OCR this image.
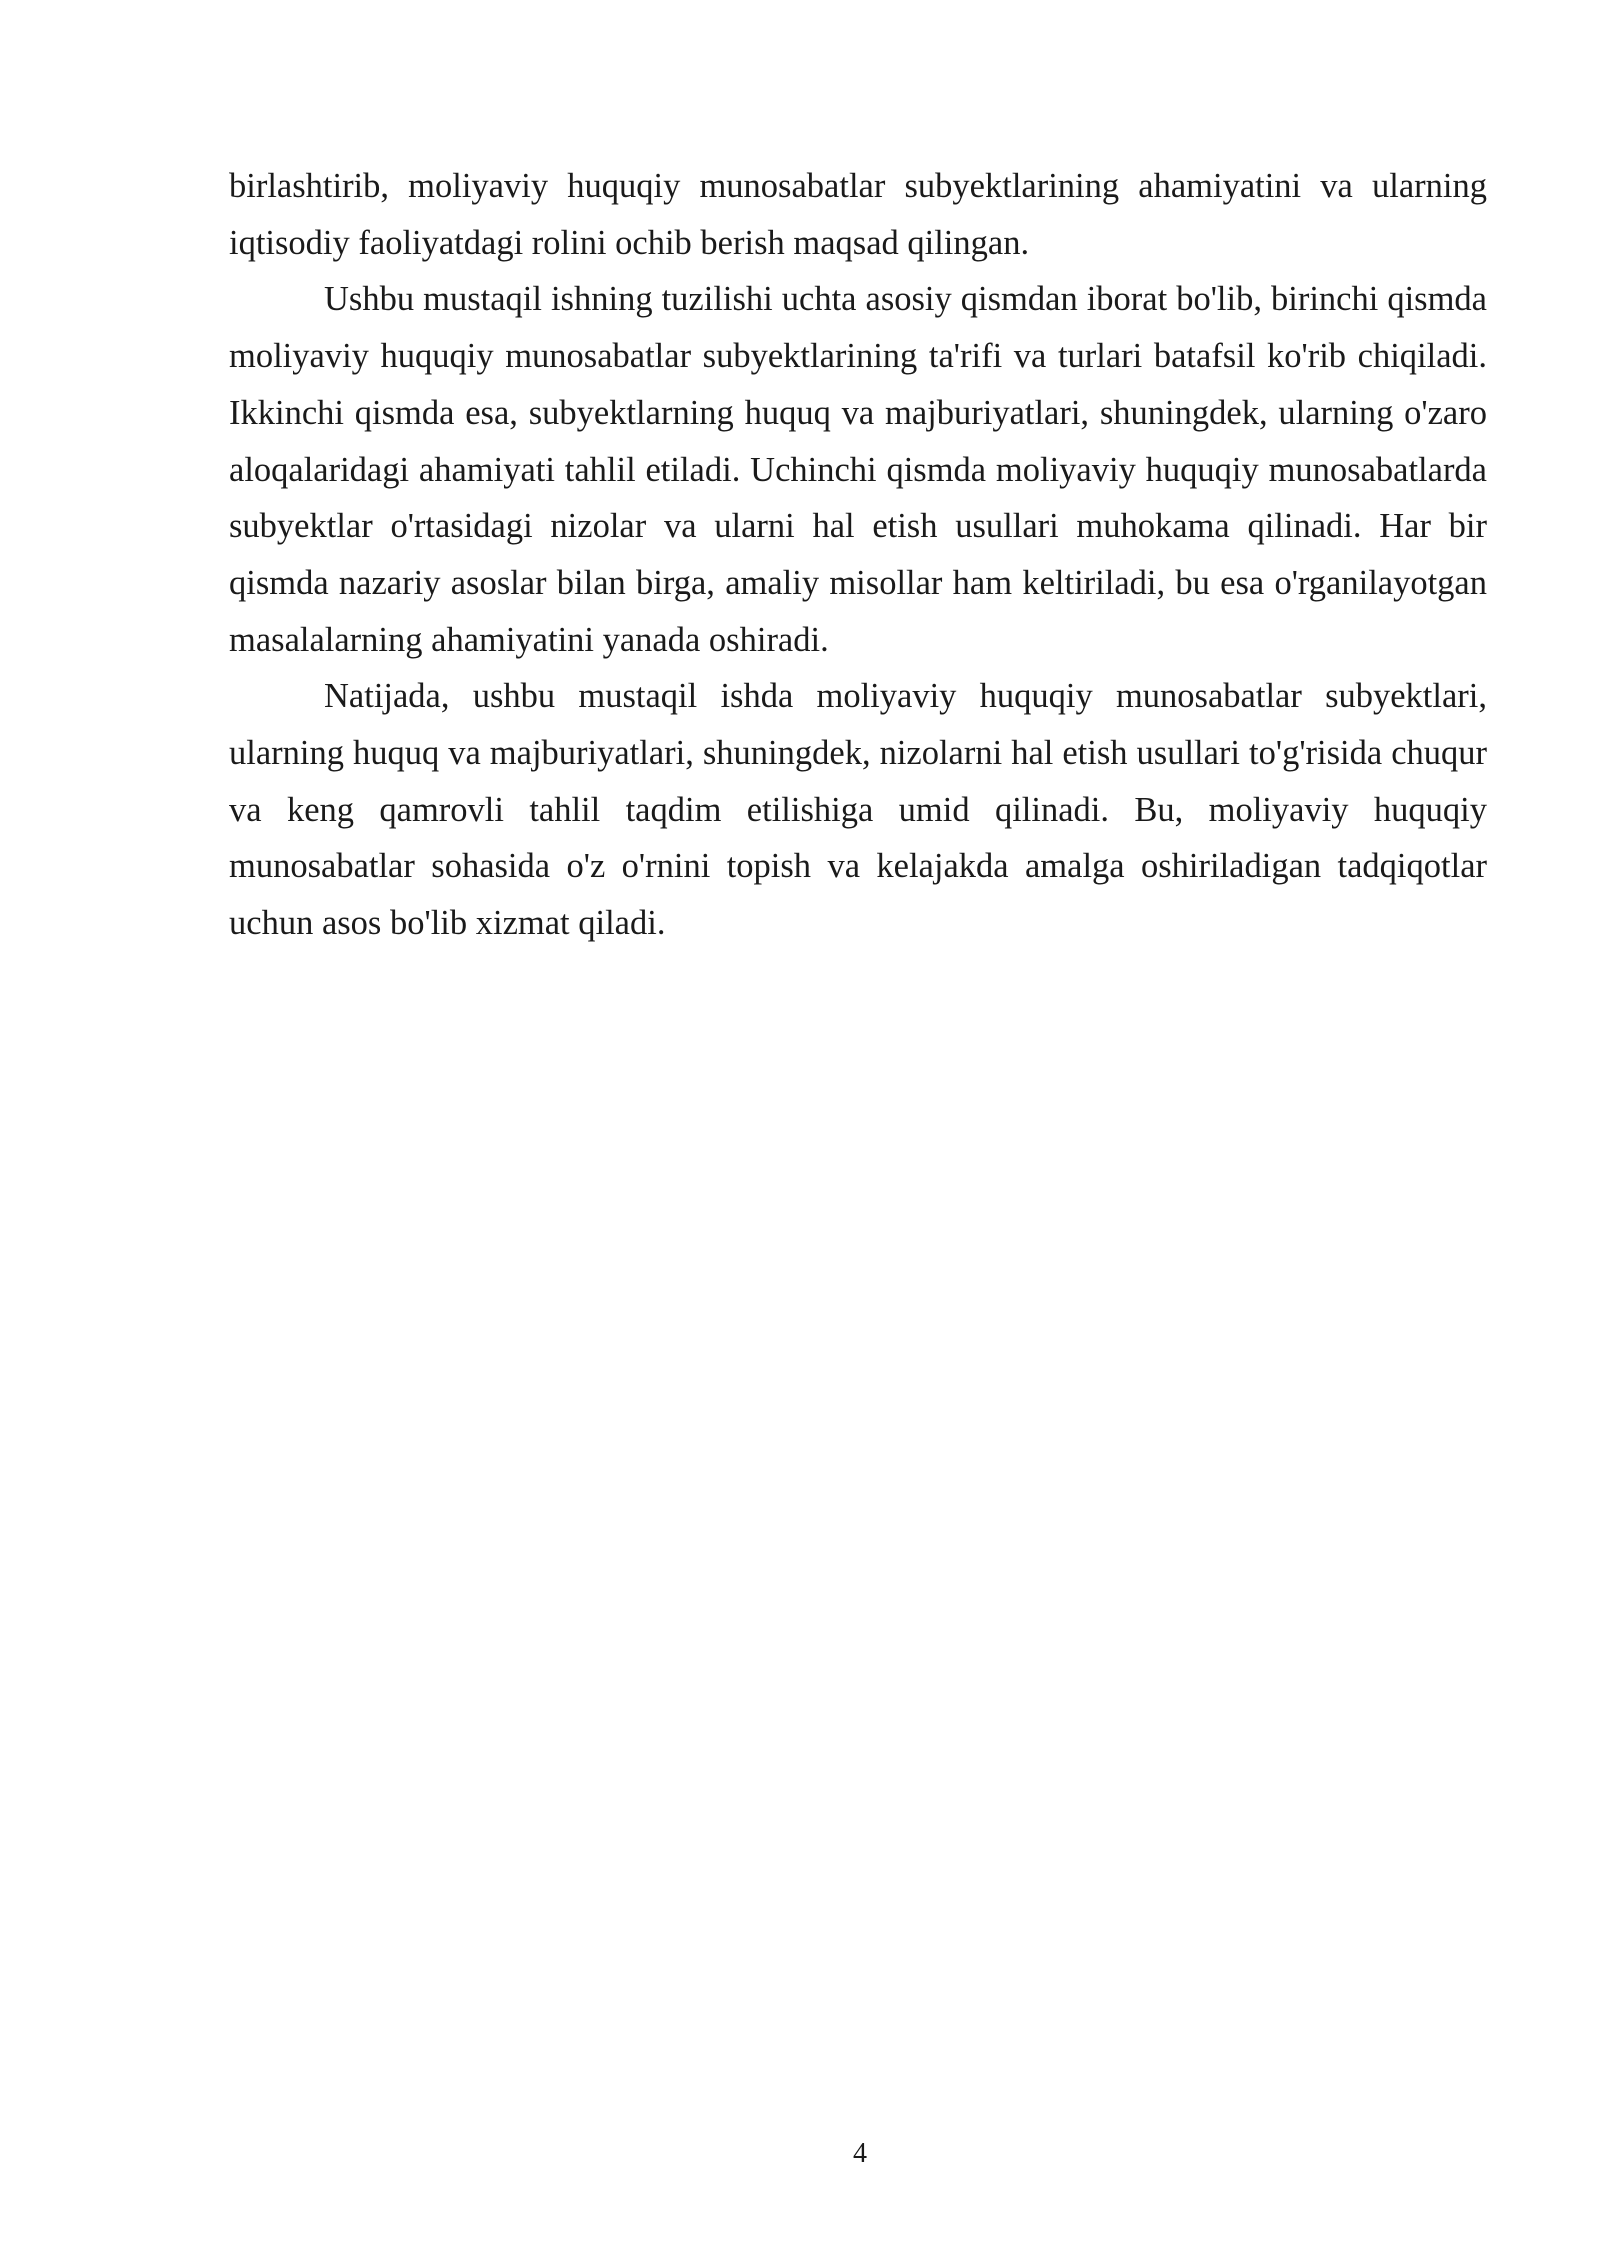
birlashtirib, moliyaviy huquqiy munosabatlar subyektlarining ahamiyatini va ularning iqtisodiy faoliyatdagi rolini ochib berish maqsad qilingan.

Ushbu mustaqil ishning tuzilishi uchta asosiy qismdan iborat bo'lib, birinchi qismda moliyaviy huquqiy munosabatlar subyektlarining ta'rifi va turlari batafsil ko'rib chiqiladi. Ikkinchi qismda esa, subyektlarning huquq va majburiyatlari, shuningdek, ularning o'zaro aloqalaridagi ahamiyati tahlil etiladi. Uchinchi qismda moliyaviy huquqiy munosabatlarda subyektlar o'rtasidagi nizolar va ularni hal etish usullari muhokama qilinadi. Har bir qismda nazariy asoslar bilan birga, amaliy misollar ham keltiriladi, bu esa o'rganilayotgan masalalarning ahamiyatini yanada oshiradi.

Natijada, ushbu mustaqil ishda moliyaviy huquqiy munosabatlar subyektlari, ularning huquq va majburiyatlari, shuningdek, nizolarni hal etish usullari to'g'risida chuqur va keng qamrovli tahlil taqdim etilishiga umid qilinadi. Bu, moliyaviy huquqiy munosabatlar sohasida o'z o'rnini topish va kelajakda amalga oshiriladigan tadqiqotlar uchun asos bo'lib xizmat qiladi.

4
